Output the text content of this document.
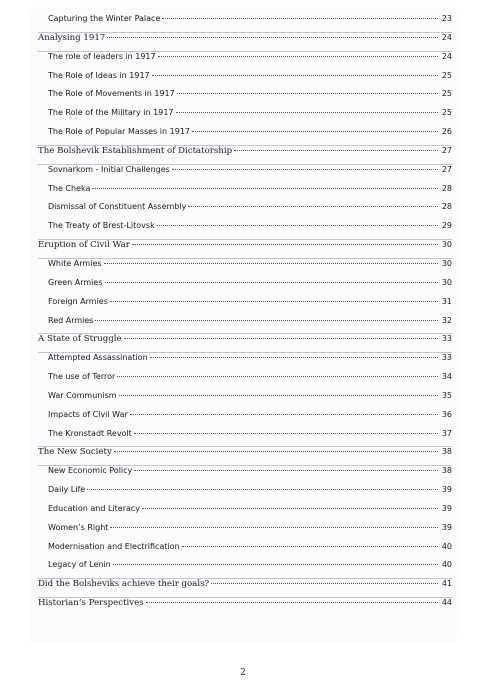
Capturing the Winter Palace	23
Analysing 1917	24
The role of leaders in 1917	24
The Role of Ideas in 1917	25
The Role of Movements in 1917	25
The Role of the Military in 1917	25
The Role of Popular Masses in 1917	26
The Bolshevik Establishment of Dictatorship	27
Sovnarkom - Initial Challenges	27
The Cheka	28
Dismissal of Constituent Assembly	28
The Treaty of Brest-Litovsk	29
Eruption of Civil War	30
White Armies	30
Green Armies	30
Foreign Armies	31
Red Armies	32
A State of Struggle	33
Attempted Assassination	33
The use of Terror	34
War Communism	35
Impacts of Civil War	36
The Kronstadt Revolt	37
The New Society	38
New Economic Policy	38
Daily Life	39
Education and Literacy	39
Women’s Right	39
Modernisation and Electrification	40
Legacy of Lenin	40
Did the Bolsheviks achieve their goals?	41
Historian’s Perspectives	44
2
